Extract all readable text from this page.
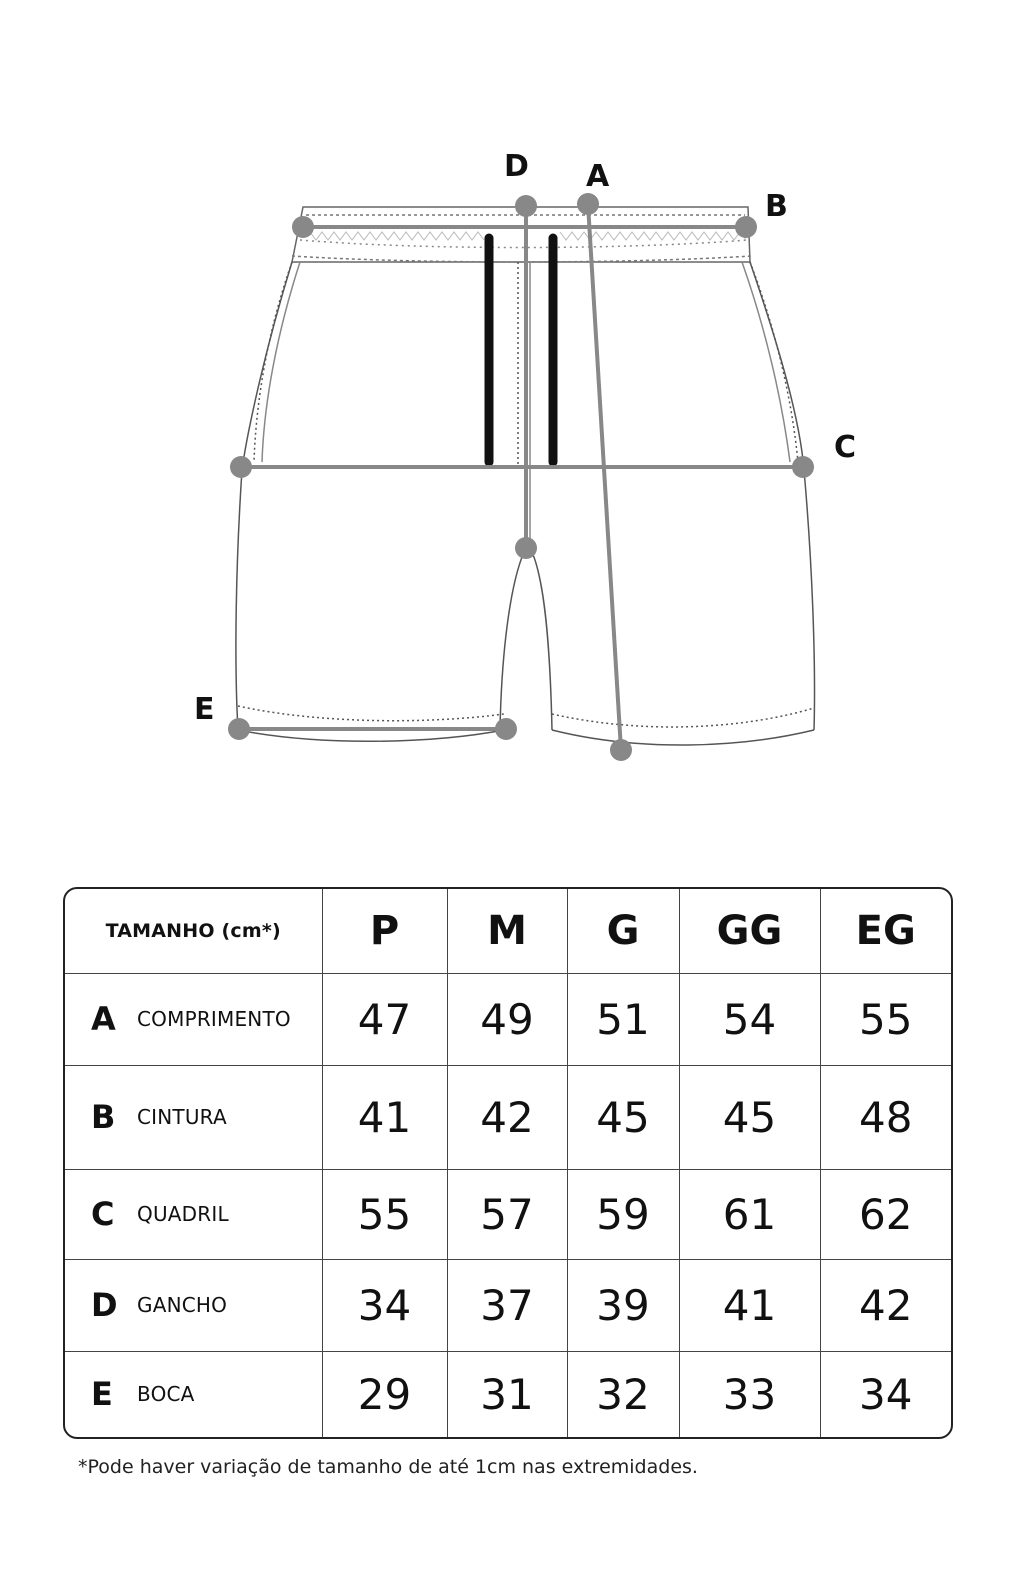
D A
B
C
E
TAMANHO (cm*)	P	M	G	GG	EG
A COMPRIMENTO	47	49	51	54	55
B CINTURA	41	42	45	45	48
C QUADRIL	55	57	59	61	62
D GANCHO	34	37	39	41	42
E BOCA	29	31	32	33	34
*Pode haver variação de tamanho de até 1cm nas extremidades.
